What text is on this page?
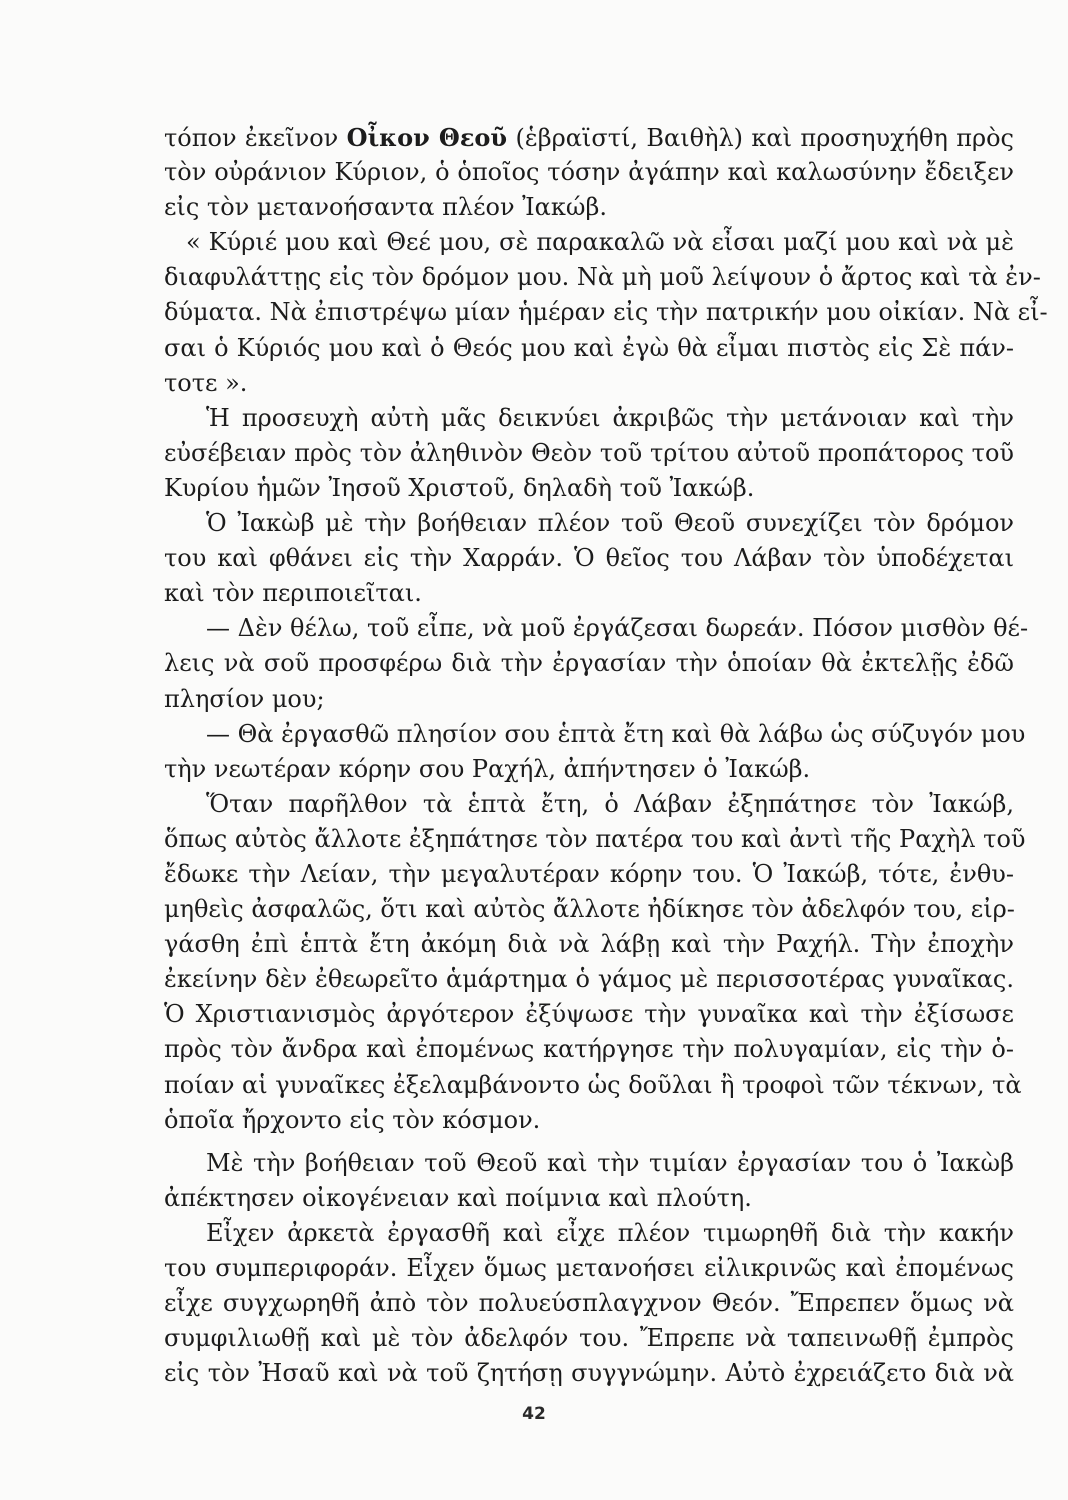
τόπον ἐκεῖνον Οἶκον Θεοῦ (ἑβραϊστί, Βαιθὴλ) καὶ προσηυχήθη πρὸς
τὸν οὐράνιον Κύριον, ὁ ὁποῖος τόσην ἀγάπην καὶ καλωσύνην ἔδειξεν
εἰς τὸν μετανοήσαντα πλέον Ἰακώβ.
« Κύριέ μου καὶ Θεέ μου, σὲ παρακαλῶ νὰ εἶσαι μαζί μου καὶ νὰ μὲ
διαφυλάττῃς εἰς τὸν δρόμον μου. Νὰ μὴ μοῦ λείψουν ὁ ἄρτος καὶ τὰ ἐν-
δύματα. Νὰ ἐπιστρέψω μίαν ἡμέραν εἰς τὴν πατρικήν μου οἰκίαν. Νὰ εἶ-
σαι ὁ Κύριός μου καὶ ὁ Θεός μου καὶ ἐγὼ θὰ εἶμαι πιστὸς εἰς Σὲ πάν-
τοτε ».
Ἡ προσευχὴ αὐτὴ μᾶς δεικνύει ἀκριβῶς τὴν μετάνοιαν καὶ τὴν
εὐσέβειαν πρὸς τὸν ἀληθινὸν Θεὸν τοῦ τρίτου αὐτοῦ προπάτορος τοῦ
Κυρίου ἡμῶν Ἰησοῦ Χριστοῦ, δηλαδὴ τοῦ Ἰακώβ.
Ὁ Ἰακὼβ μὲ τὴν βοήθειαν πλέον τοῦ Θεοῦ συνεχίζει τὸν δρόμον
του καὶ φθάνει εἰς τὴν Χαρράν. Ὁ θεῖος του Λάβαν τὸν ὑποδέχεται
καὶ τὸν περιποιεῖται.
— Δὲν θέλω, τοῦ εἶπε, νὰ μοῦ ἐργάζεσαι δωρεάν. Πόσον μισθὸν θέ-
λεις νὰ σοῦ προσφέρω διὰ τὴν ἐργασίαν τὴν ὁποίαν θὰ ἐκτελῇς ἐδῶ
πλησίον μου;
— Θὰ ἐργασθῶ πλησίον σου ἑπτὰ ἔτη καὶ θὰ λάβω ὡς σύζυγόν μου
τὴν νεωτέραν κόρην σου Ραχήλ, ἀπήντησεν ὁ Ἰακώβ.
Ὅταν παρῆλθον τὰ ἑπτὰ ἔτη, ὁ Λάβαν ἐξηπάτησε τὸν Ἰακώβ,
ὅπως αὐτὸς ἄλλοτε ἐξηπάτησε τὸν πατέρα του καὶ ἀντὶ τῆς Ραχὴλ τοῦ
ἔδωκε τὴν Λείαν, τὴν μεγαλυτέραν κόρην του. Ὁ Ἰακώβ, τότε, ἐνθυ-
μηθεὶς ἀσφαλῶς, ὅτι καὶ αὐτὸς ἄλλοτε ἠδίκησε τὸν ἀδελφόν του, εἰρ-
γάσθη ἐπὶ ἑπτὰ ἔτη ἀκόμη διὰ νὰ λάβῃ καὶ τὴν Ραχήλ. Τὴν ἐποχὴν
ἐκείνην δὲν ἐθεωρεῖτο ἁμάρτημα ὁ γάμος μὲ περισσοτέρας γυναῖκας.
Ὁ Χριστιανισμὸς ἀργότερον ἐξύψωσε τὴν γυναῖκα καὶ τὴν ἐξίσωσε
πρὸς τὸν ἄνδρα καὶ ἐπομένως κατήργησε τὴν πολυγαμίαν, εἰς τὴν ὁ-
ποίαν αἱ γυναῖκες ἐξελαμβάνοντο ὡς δοῦλαι ἢ τροφοὶ τῶν τέκνων, τὰ
ὁποῖα ἤρχοντο εἰς τὸν κόσμον.
Μὲ τὴν βοήθειαν τοῦ Θεοῦ καὶ τὴν τιμίαν ἐργασίαν του ὁ Ἰακὼβ
ἀπέκτησεν οἰκογένειαν καὶ ποίμνια καὶ πλούτη.
Εἶχεν ἀρκετὰ ἐργασθῆ καὶ εἶχε πλέον τιμωρηθῆ διὰ τὴν κακήν
του συμπεριφοράν. Εἶχεν ὅμως μετανοήσει εἰλικρινῶς καὶ ἐπομένως
εἶχε συγχωρηθῆ ἀπὸ τὸν πολυεύσπλαγχνον Θεόν. Ἔπρεπεν ὅμως νὰ
συμφιλιωθῇ καὶ μὲ τὸν ἀδελφόν του. Ἔπρεπε νὰ ταπεινωθῇ ἐμπρὸς
εἰς τὸν Ἠσαῦ καὶ νὰ τοῦ ζητήσῃ συγγνώμην. Αὐτὸ ἐχρειάζετο διὰ νὰ
42
